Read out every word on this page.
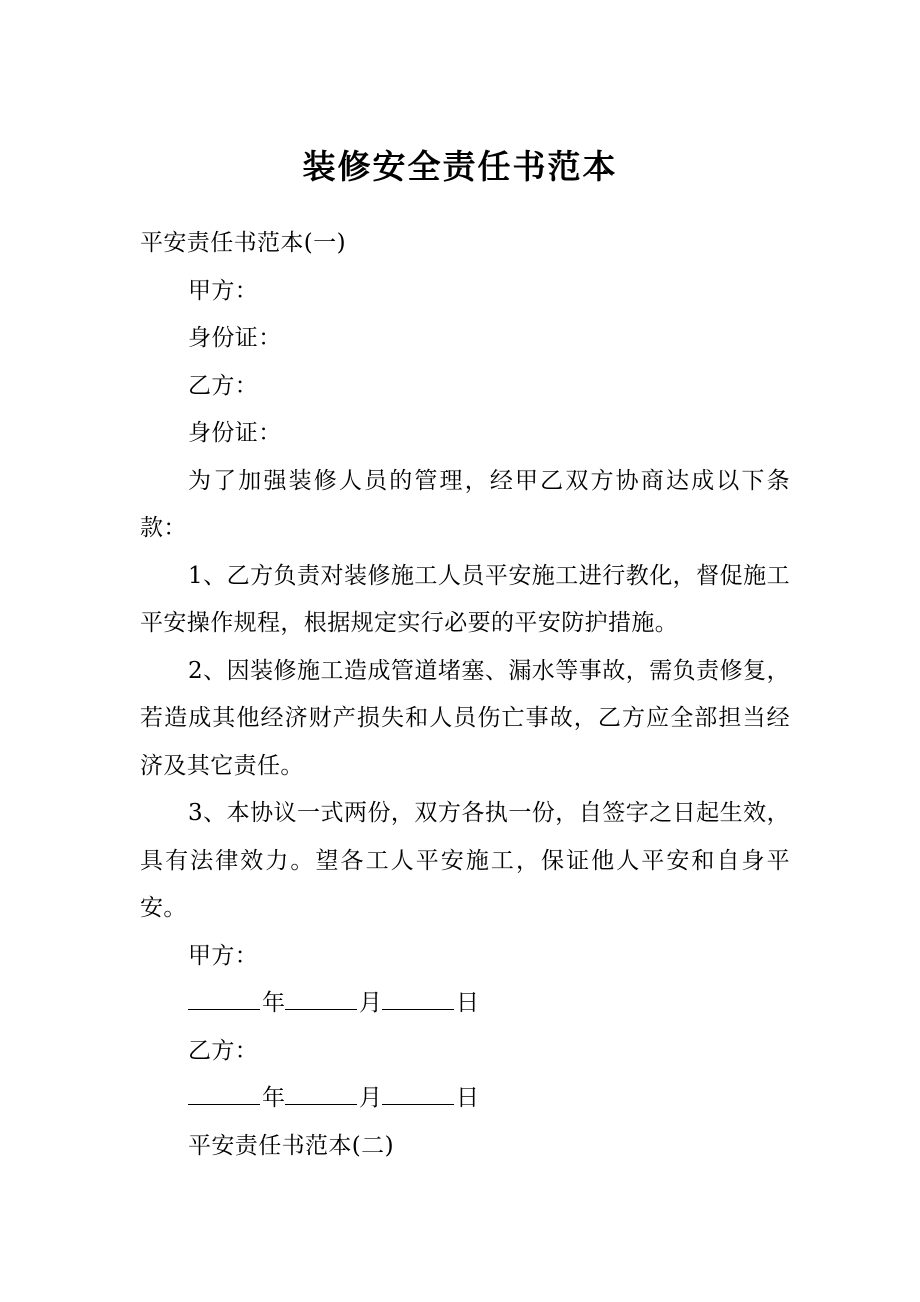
装修安全责任书范本

平安责任书范本(一)

甲方：

身份证：

乙方：

身份证：

为了加强装修人员的管理，经甲乙双方协商达成以下条款：

1、乙方负责对装修施工人员平安施工进行教化，督促施工平安操作规程，根据规定实行必要的平安防护措施。

2、因装修施工造成管道堵塞、漏水等事故，需负责修复，若造成其他经济财产损失和人员伤亡事故，乙方应全部担当经济及其它责任。

3、本协议一式两份，双方各执一份，自签字之日起生效，具有法律效力。望各工人平安施工，保证他人平安和自身平安。

甲方：

年	月	日

乙方：

年	月	日

平安责任书范本(二)
